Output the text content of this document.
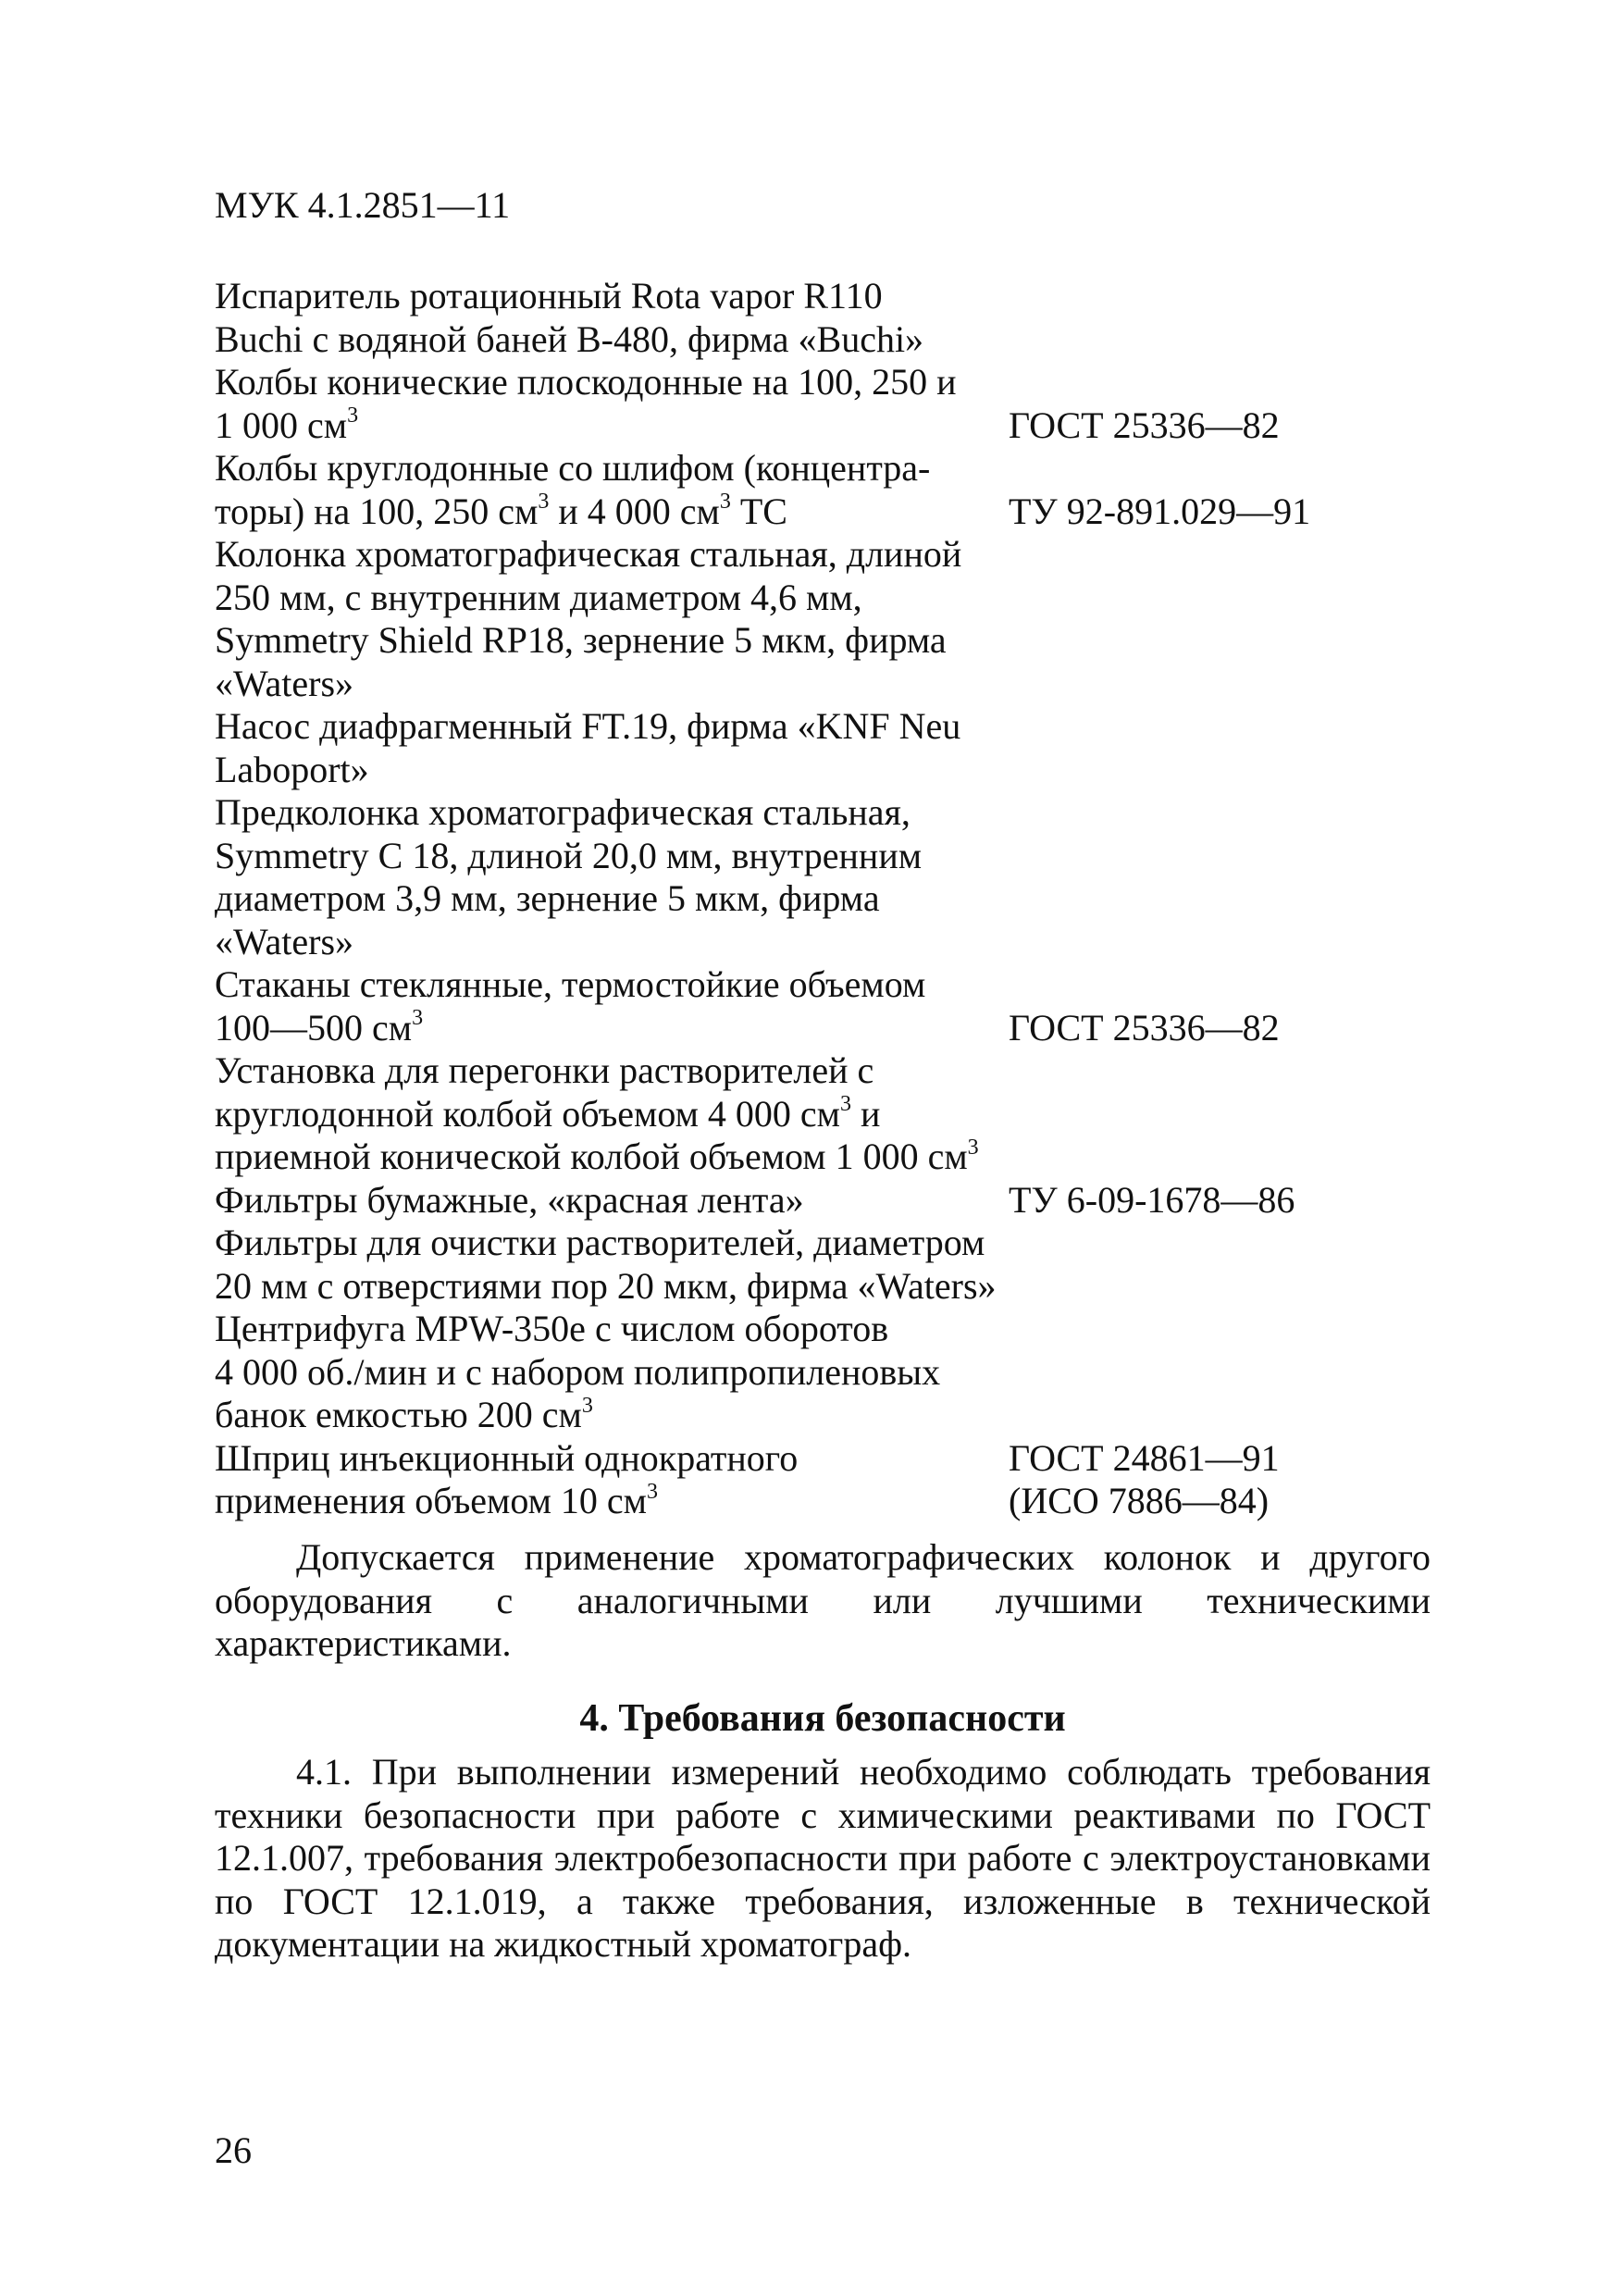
МУК 4.1.2851—11
Испаритель ротационный Rota vapor R110
Buchi с водяной баней B-480, фирма «Buchi»
Колбы конические плоскодонные на 100, 250 и
1 000 $см^3$	ГОСТ 25336—82
Колбы круглодонные со шлифом (концентра-
торы) на 100, 250 $см^3$ и 4 000 $см^3$ ТС	ТУ 92-891.029—91
Колонка хроматографическая стальная, длиной
250 мм, с внутренним диаметром 4,6 мм,
Symmetry Shield RP18, зернение 5 мкм, фирма
«Waters»
Насос диафрагменный FT.19, фирма «KNF Neu
Laboport»
Предколонка хроматографическая стальная,
Symmetry C 18, длиной 20,0 мм, внутренним
диаметром 3,9 мм, зернение 5 мкм, фирма
«Waters»
Стаканы стеклянные, термостойкие объемом
100—500 $см^3$	ГОСТ 25336—82
Установка для перегонки растворителей с
круглодонной колбой объемом 4 000 $см^3$ и
приемной конической колбой объемом 1 000 $см^3$
Фильтры бумажные, «красная лента»	ТУ 6-09-1678—86
Фильтры для очистки растворителей, диаметром
20 мм с отверстиями пор 20 мкм, фирма «Waters»
Центрифуга MPW-350е с числом оборотов
4 000 об./мин и с набором полипропиленовых
банок емкостью 200 $см^3$
Шприц инъекционный однократного	ГОСТ 24861—91
применения объемом 10 $см^3$	(ИСО 7886—84)

Допускается применение хроматографических колонок и другого оборудования с аналогичными или лучшими техническими характеристиками.

4. Требования безопасности

4.1. При выполнении измерений необходимо соблюдать требования техники безопасности при работе с химическими реактивами по ГОСТ 12.1.007, требования электробезопасности при работе с электроустановками по ГОСТ 12.1.019, а также требования, изложенные в технической документации на жидкостный хроматограф.

26
